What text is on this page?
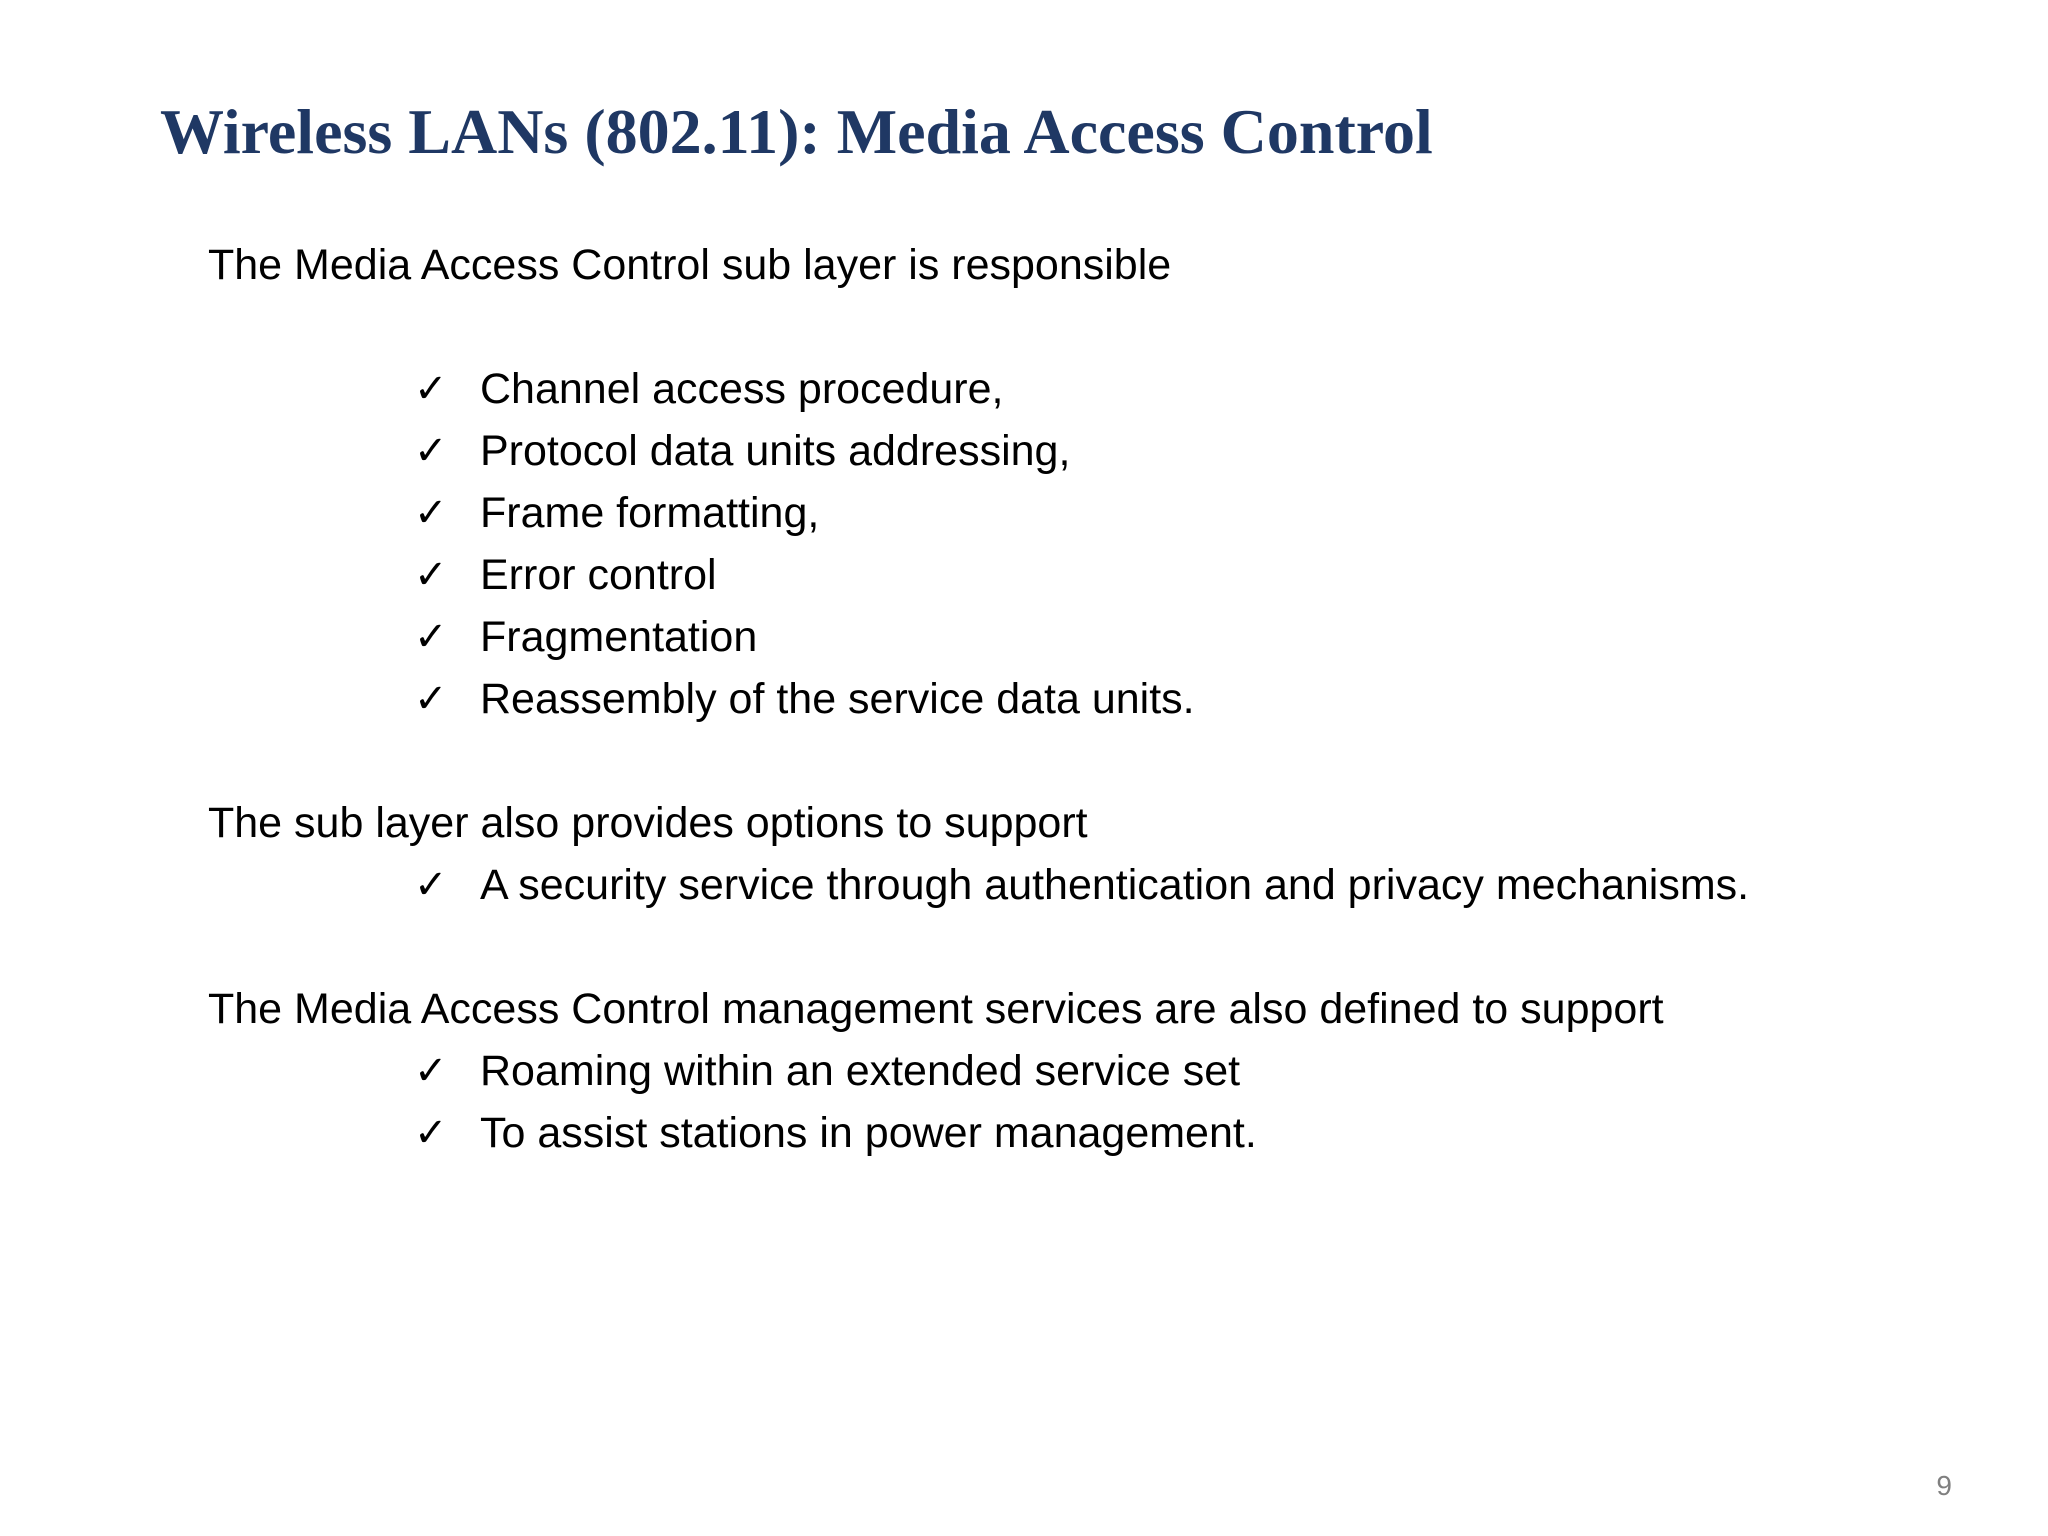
Wireless LANs (802.11): Media Access Control

The Media Access Control sub layer is responsible

✓ Channel access procedure,
✓ Protocol data units addressing,
✓ Frame formatting,
✓ Error control
✓ Fragmentation
✓ Reassembly of the service data units.

The sub layer also provides options to support

✓ A security service through authentication and privacy mechanisms.

The Media Access Control management services are also defined to support

✓ Roaming within an extended service set
✓ To assist stations in power management.
9
